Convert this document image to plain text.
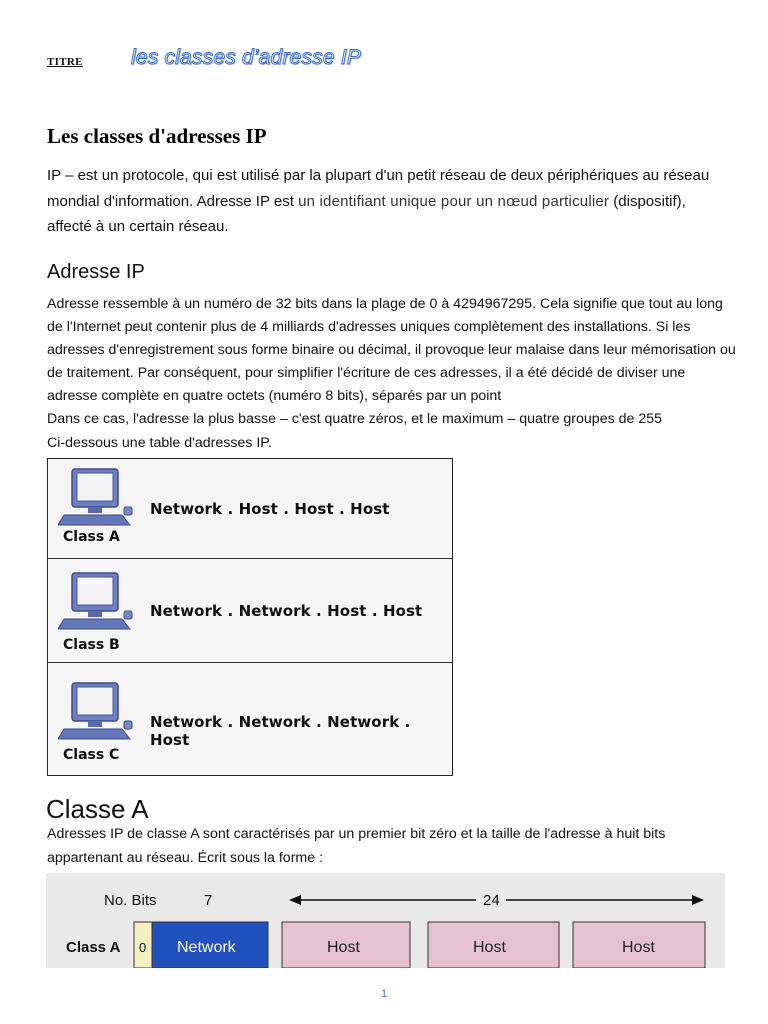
TITRE les classes d’adresse IP
Les classes d'adresses IP
IP – est un protocole, qui est utilisé par la plupart d'un petit réseau de deux périphériques au réseau mondial d'information. Adresse IP est un identifiant unique pour un nœud particulier (dispositif), affecté à un certain réseau.
Adresse IP

Adresse ressemble à un numéro de 32 bits dans la plage de 0 à 4294967295. Cela signifie que tout au long de l'Internet peut contenir plus de 4 milliards d'adresses uniques complètement des installations. Si les adresses d'enregistrement sous forme binaire ou décimal, il provoque leur malaise dans leur mémorisation ou de traitement. Par conséquent, pour simplifier l'écriture de ces adresses, il a été décidé de diviser une adresse complète en quatre octets (numéro 8 bits), séparés par un point

Dans ce cas, l'adresse la plus basse – c'est quatre zéros, et le maximum – quatre groupes de 255

Ci-dessous une table d'adresses IP.

Class A
Network . Host . Host . Host
Class B
Network . Network . Host . Host
Class C
Network . Network . Network . Host
Classe A
Adresses IP de classe A sont caractérisés par un premier bit zéro et la taille de l'adresse à huit bits appartenant au réseau. Écrit sous la forme :
No. Bits	7	24
Class A 0 Network	Host	Host	Host
1
